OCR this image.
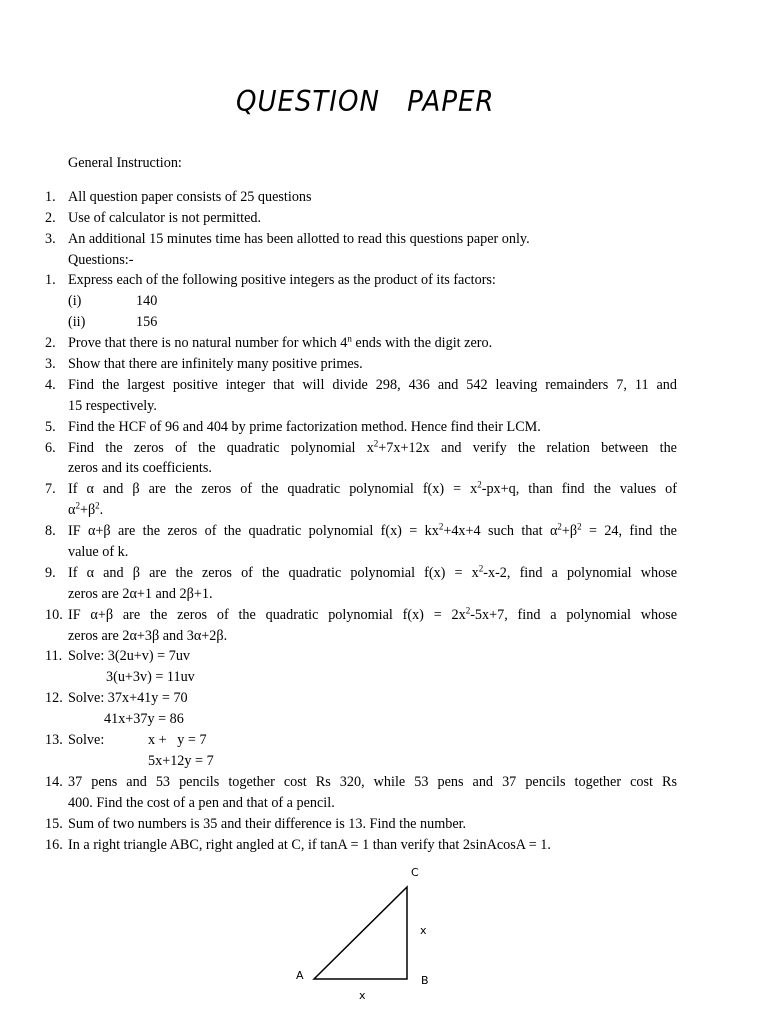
QUESTION PAPER
General Instruction:
1. All question paper consists of 25 questions
2. Use of calculator is not permitted.
3. An additional 15 minutes time has been allotted to read this questions paper only.
Questions:-
1. Express each of the following positive integers as the product of its factors:
(i)	140
(ii)	156
2. Prove that there is no natural number for which 4$^n$ ends with the digit zero.
3. Show that there are infinitely many positive primes.
4. Find the largest positive integer that will divide 298, 436 and 542 leaving remainders 7, 11 and
15 respectively.
5. Find the HCF of 96 and 404 by prime factorization method. Hence find their LCM.
6. Find the zeros of the quadratic polynomial $x^2+7x+12x$ and verify the relation between the
zeros and its coefficients.
7. If α and β are the zeros of the quadratic polynomial $f(x) = x^2-px+q$, than find the values of
$\alpha^2+\beta^2$.
8. IF α+β are the zeros of the quadratic polynomial $f(x) = kx^2+4x+4$ such that $\alpha^2+\beta^2 = 24$, find the
value of k.
9. If α and β are the zeros of the quadratic polynomial $f(x) = x^2-x-2$, find a polynomial whose
zeros are 2α+1 and 2β+1.
10. IF α+β are the zeros of the quadratic polynomial $f(x) = 2x^2-5x+7$, find a polynomial whose
zeros are 2α+3β and 3α+2β.
11. Solve: 3(2u+v) = 7uv
3(u+3v) = 11uv
12. Solve: 37x+41y = 70
41x+37y = 86
13. Solve:	x +   y = 7
5x+12y = 7
14. 37 pens and 53 pencils together cost Rs 320, while 53 pens and 37 pencils together cost Rs
400. Find the cost of a pen and that of a pencil.
15. Sum of two numbers is 35 and their difference is 13. Find the number.
16. In a right triangle ABC, right angled at C, if tanA = 1 than verify that 2sinAcosA = 1.
C
A	B
x
x
